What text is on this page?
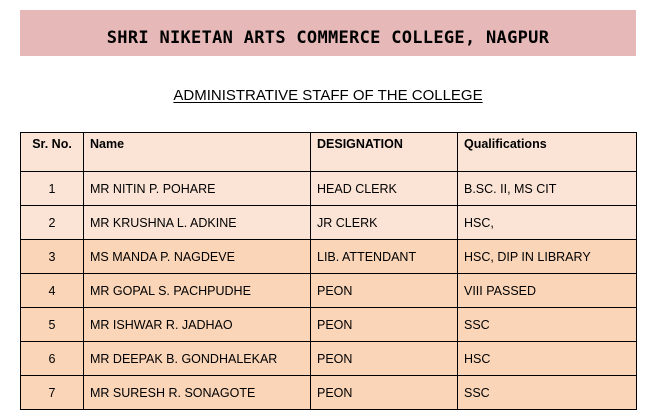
SHRI NIKETAN ARTS COMMERCE COLLEGE, NAGPUR
ADMINISTRATIVE STAFF OF THE COLLEGE
Sr. No.	Name	DESIGNATION	Qualifications
1	MR NITIN P. POHARE	HEAD CLERK	B.SC. II, MS CIT
2	MR KRUSHNA L. ADKINE	JR CLERK	HSC,
3	MS MANDA P. NAGDEVE	LIB. ATTENDANT	HSC, DIP IN LIBRARY
4	MR GOPAL S. PACHPUDHE	PEON	VIII PASSED
5	MR ISHWAR R. JADHAO	PEON	SSC
6	MR DEEPAK B. GONDHALEKAR	PEON	HSC
7	MR SURESH R. SONAGOTE	PEON	SSC
